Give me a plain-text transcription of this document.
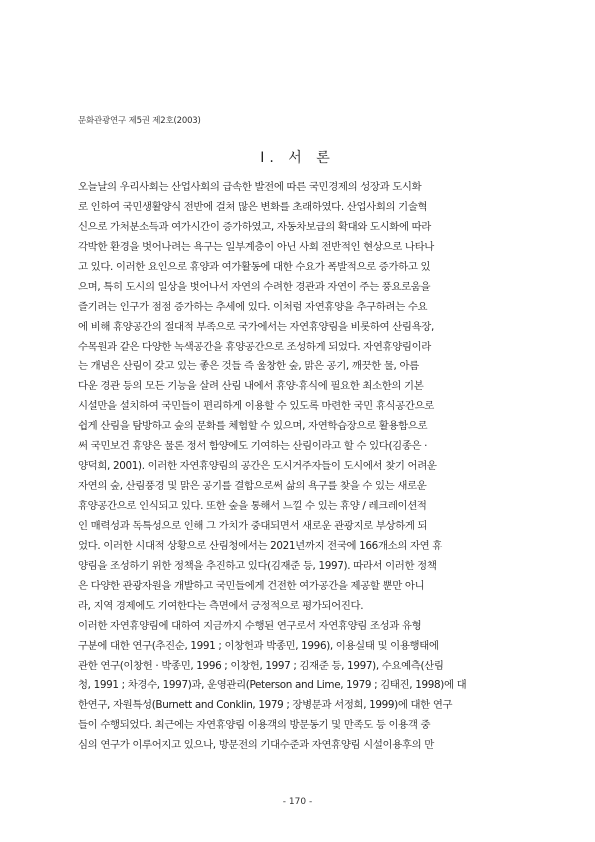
문화관광연구 제5권 제2호(2003)
Ⅰ. 서 론
오늘날의 우리사회는 산업사회의 급속한 발전에 따른 국민경제의 성장과 도시화
로 인하여 국민생활양식 전반에 걸쳐 많은 변화를 초래하였다. 산업사회의 기술혁
신으로 가처분소득과 여가시간이 증가하였고, 자동차보급의 확대와 도시화에 따라
각박한 환경을 벗어나려는 욕구는 일부계층이 아닌 사회 전반적인 현상으로 나타나
고 있다. 이러한 요인으로 휴양과 여가활동에 대한 수요가 폭발적으로 증가하고 있
으며, 특히 도시의 일상을 벗어나서 자연의 수려한 경관과 자연이 주는 풍요로움을
즐기려는 인구가 점점 증가하는 추세에 있다. 이처럼 자연휴양을 추구하려는 수요
에 비해 휴양공간의 절대적 부족으로 국가에서는 자연휴양림을 비롯하여 산림욕장,
수목원과 같은 다양한 녹색공간을 휴양공간으로 조성하게 되었다. 자연휴양림이라
는 개념은 산림이 갖고 있는 좋은 것들 즉 울창한 숲, 맑은 공기, 깨끗한 물, 아름
다운 경관 등의 모든 기능을 살려 산림 내에서 휴양·휴식에 필요한 최소한의 기본
시설만을 설치하여 국민들이 편리하게 이용할 수 있도록 마련한 국민 휴식공간으로
쉽게 산림을 탐방하고 숲의 문화를 체험할 수 있으며, 자연학습장으로 활용함으로
써 국민보건 휴양은 물론 정서 함양에도 기여하는 산림이라고 할 수 있다(김종은 ·
양덕희, 2001). 이러한 자연휴양림의 공간은 도시거주자들이 도시에서 찾기 어려운
자연의 숲, 산림풍경 및 맑은 공기를 결합으로써 삶의 욕구를 찾을 수 있는 새로운
휴양공간으로 인식되고 있다. 또한 숲을 통해서 느낄 수 있는 휴양 / 레크레이션적
인 매력성과 독특성으로 인해 그 가치가 중대되면서 새로운 관광지로 부상하게 되
었다. 이러한 시대적 상황으로 산림청에서는 2021년까지 전국에 166개소의 자연 휴
양림을 조성하기 위한 정책을 추진하고 있다(김재준 등, 1997). 따라서 이러한 정책
은 다양한 관광자원을 개발하고 국민들에게 건전한 여가공간을 제공할 뿐만 아니
라, 지역 경제에도 기여한다는 측면에서 긍정적으로 평가되어진다.
이러한 자연휴양림에 대하여 지금까지 수행된 연구로서 자연휴양림 조성과 유형
구분에 대한 연구(추진순, 1991 ; 이창헌과 박종민, 1996), 이용실태 및 이용행태에
관한 연구(이창헌 · 박종민, 1996 ; 이창헌, 1997 ; 김재준 등, 1997), 수요예측(산림
청, 1991 ; 차경수, 1997)과, 운영관리(Peterson and Lime, 1979 ; 김태진, 1998)에 대
한연구, 자원특성(Burnett and Conklin, 1979 ; 장병문과 서정희, 1999)에 대한 연구
들이 수행되었다. 최근에는 자연휴양림 이용객의 방문동기 및 만족도 등 이용객 중
심의 연구가 이루어지고 있으나, 방문전의 기대수준과 자연휴양림 시설이용후의 만
- 170 -
